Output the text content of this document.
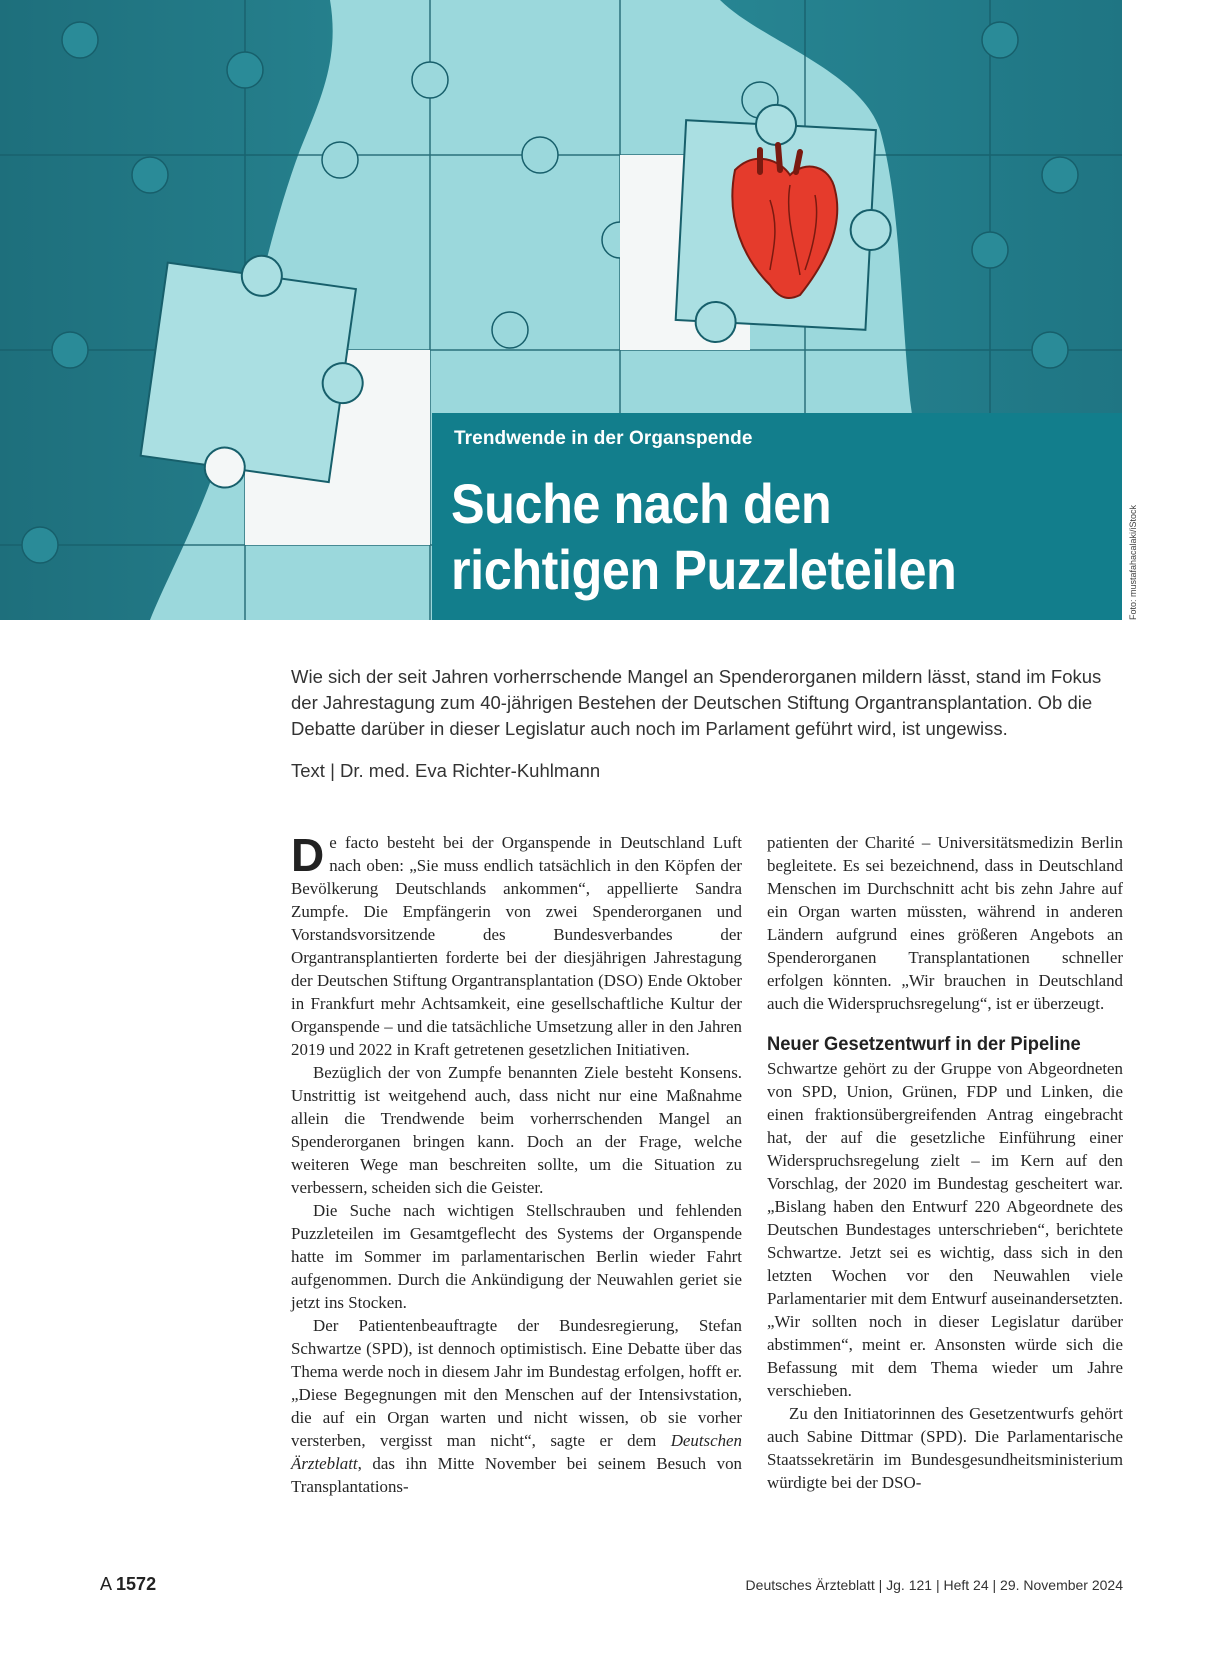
Trendwende in der Organspende
Suche nach den
richtigen Puzzleteilen	Foto: mustafahacalaki/iStock

Wie sich der seit Jahren vorherrschende Mangel an Spenderorganen mildern lässt, stand im Fokus der Jahrestagung zum 40-jährigen Bestehen der Deutschen Stiftung Organtransplantation. Ob die Debatte darüber in dieser Legislatur auch noch im Parlament geführt wird, ist ungewiss.

Text | Dr. med. Eva Richter-Kuhlmann

De facto besteht bei der Organspende in Deutschland Luft nach oben: „Sie muss endlich tatsächlich in den Köpfen der Bevölkerung Deutschlands ankommen“, appellierte Sandra Zumpfe. Die Empfängerin von zwei Spenderorganen und Vorstandsvorsitzende des Bundesverbandes der Organtransplantierten forderte bei der diesjährigen Jahrestagung der Deutschen Stiftung Organtransplantation (DSO) Ende Oktober in Frankfurt mehr Achtsamkeit, eine gesellschaftliche Kultur der Organspende – und die tatsächliche Umsetzung aller in den Jahren 2019 und 2022 in Kraft getretenen gesetzlichen Initiativen.

Bezüglich der von Zumpfe benannten Ziele besteht Konsens. Unstrittig ist weitgehend auch, dass nicht nur eine Maßnahme allein die Trendwende beim vorherrschenden Mangel an Spenderorganen bringen kann. Doch an der Frage, welche weiteren Wege man beschreiten sollte, um die Situation zu verbessern, scheiden sich die Geister.

Die Suche nach wichtigen Stellschrauben und fehlenden Puzzleteilen im Gesamtgeflecht des Systems der Organspende hatte im Sommer im parlamentarischen Berlin wieder Fahrt aufgenommen. Durch die Ankündigung der Neuwahlen geriet sie jetzt ins Stocken.

Der Patientenbeauftragte der Bundesregierung, Stefan Schwartze (SPD), ist dennoch optimistisch. Eine Debatte über das Thema werde noch in diesem Jahr im Bundestag erfolgen, hofft er. „Diese Begegnungen mit den Menschen auf der Intensivstation, die auf ein Organ warten und nicht wissen, ob sie vorher versterben, vergisst man nicht“, sagte er dem Deutschen Ärzteblatt, das ihn Mitte November bei seinem Besuch von Transplantations-

patienten der Charité – Universitätsmedizin Berlin begleitete. Es sei bezeichnend, dass in Deutschland Menschen im Durchschnitt acht bis zehn Jahre auf ein Organ warten müssten, während in anderen Ländern aufgrund eines größeren Angebots an Spenderorganen Transplantationen schneller erfolgen könnten. „Wir brauchen in Deutschland auch die Widerspruchsregelung“, ist er überzeugt.

Neuer Gesetzentwurf in der Pipeline

Schwartze gehört zu der Gruppe von Abgeordneten von SPD, Union, Grünen, FDP und Linken, die einen fraktionsübergreifenden Antrag eingebracht hat, der auf die gesetzliche Einführung einer Widerspruchsregelung zielt – im Kern auf den Vorschlag, der 2020 im Bundestag gescheitert war. „Bislang haben den Entwurf 220 Abgeordnete des Deutschen Bundestages unterschrieben“, berichtete Schwartze. Jetzt sei es wichtig, dass sich in den letzten Wochen vor den Neuwahlen viele Parlamentarier mit dem Entwurf auseinandersetzten. „Wir sollten noch in dieser Legislatur darüber abstimmen“, meint er. Ansonsten würde sich die Befassung mit dem Thema wieder um Jahre verschieben.

Zu den Initiatorinnen des Gesetzentwurfs gehört auch Sabine Dittmar (SPD). Die Parlamentarische Staatssekretärin im Bundesgesundheitsministerium würdigte bei der DSO-

A 1572	Deutsches Ärzteblatt | Jg. 121 | Heft 24 | 29. November 2024
